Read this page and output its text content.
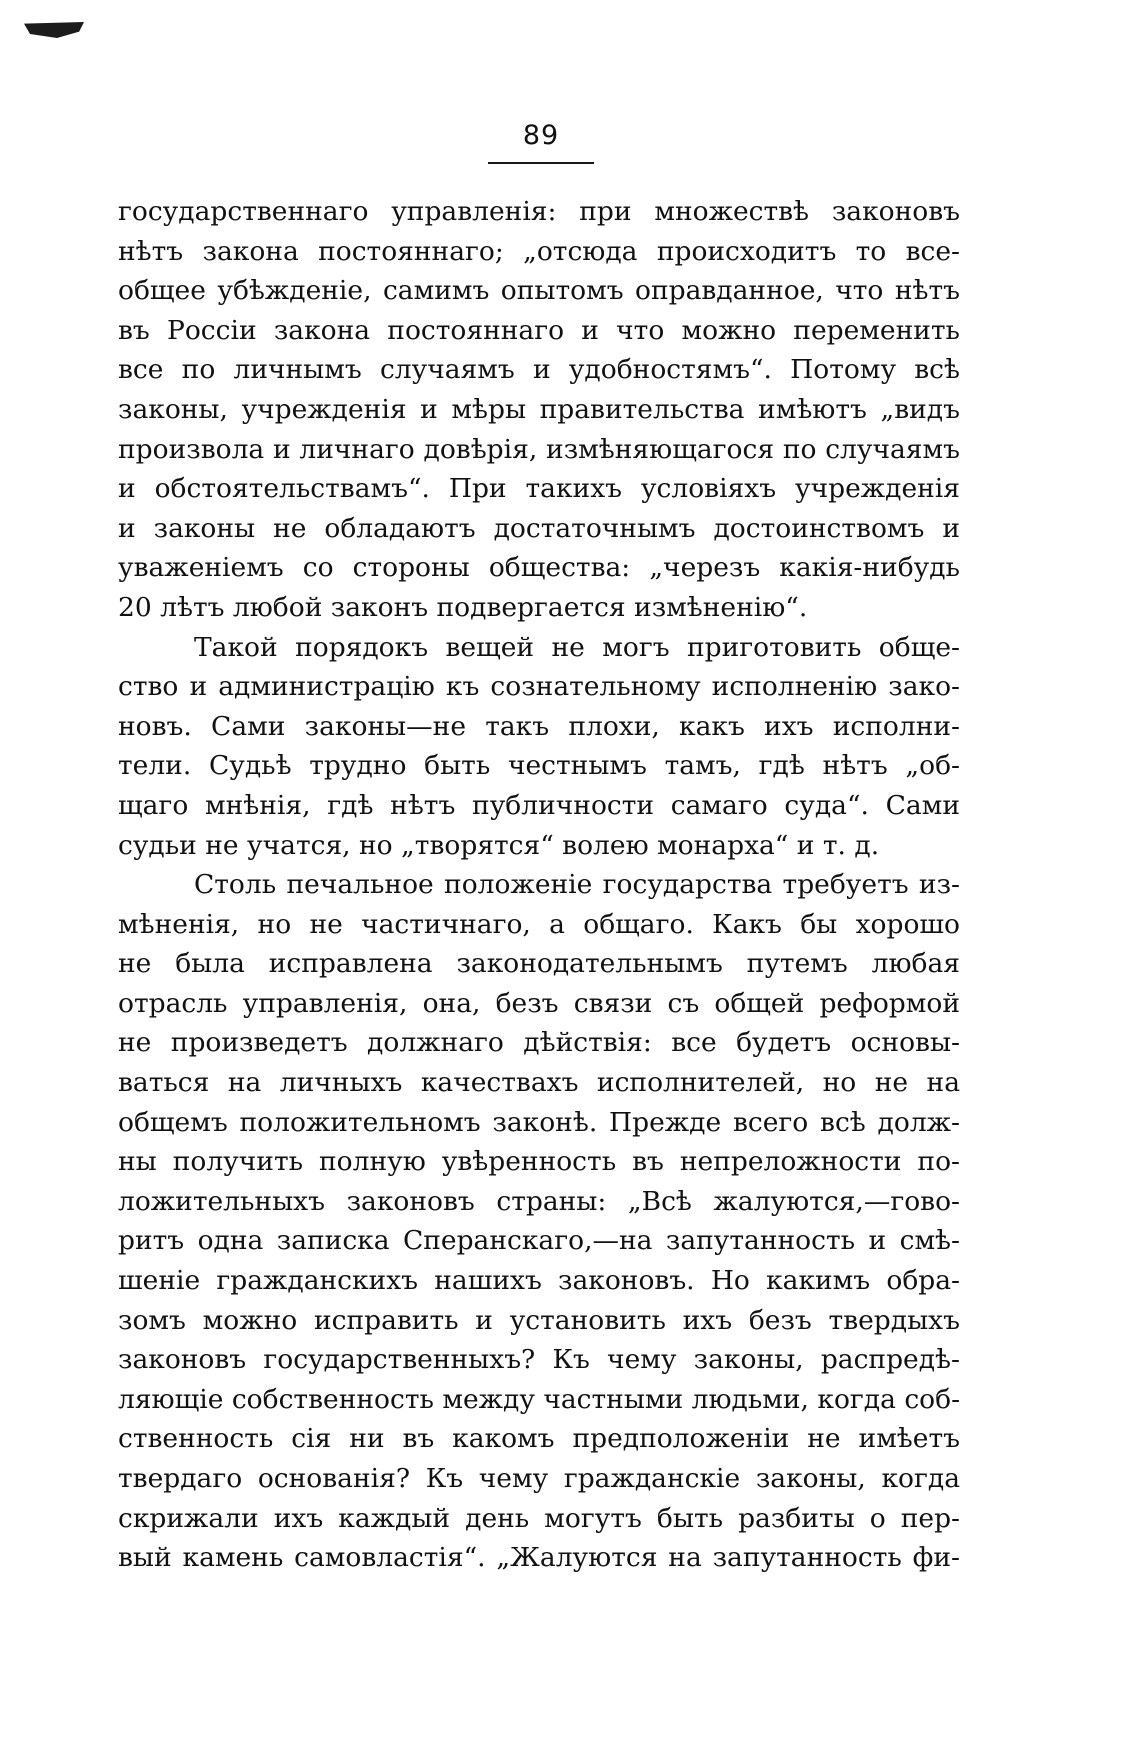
89
государственнаго управленія: при множествѣ законовъ
нѣтъ закона постояннаго; „отсюда происходитъ то все-
общее убѣжденіе, самимъ опытомъ оправданное, что нѣтъ
въ Россіи закона постояннаго и что можно переменить
все по личнымъ случаямъ и удобностямъ“. Потому всѣ
законы, учрежденія и мѣры правительства имѣютъ „видъ
произвола и личнаго довѣрія, измѣняющагося по случаямъ
и обстоятельствамъ“. При такихъ условіяхъ учрежденія
и законы не обладаютъ достаточнымъ достоинствомъ и
уваженіемъ со стороны общества: „черезъ какія-нибудь
20 лѣтъ любой законъ подвергается измѣненію“.
Такой порядокъ вещей не могъ приготовить обще-
ство и администрацію къ сознательному исполненію зако-
новъ. Сами законы—не такъ плохи, какъ ихъ исполни-
тели. Судьѣ трудно быть честнымъ тамъ, гдѣ нѣтъ „об-
щаго мнѣнія, гдѣ нѣтъ публичности самаго суда“. Сами
судьи не учатся, но „творятся“ волею монарха“ и т. д.
Столь печальное положеніе государства требуетъ из-
мѣненія, но не частичнаго, а общаго. Какъ бы хорошо
не была исправлена законодательнымъ путемъ любая
отрасль управленія, она, безъ связи съ общей реформой
не произведетъ должнаго дѣйствія: все будетъ основы-
ваться на личныхъ качествахъ исполнителей, но не на
общемъ положительномъ законѣ. Прежде всего всѣ долж-
ны получить полную увѣренность въ непреложности по-
ложительныхъ законовъ страны: „Всѣ жалуются,—гово-
ритъ одна записка Сперанскаго,—на запутанность и смѣ-
шеніе гражданскихъ нашихъ законовъ. Но какимъ обра-
зомъ можно исправить и установить ихъ безъ твердыхъ
законовъ государственныхъ? Къ чему законы, распредѣ-
ляющіе собственность между частными людьми, когда соб-
ственность сія ни въ какомъ предположеніи не имѣетъ
твердаго основанія? Къ чему гражданскіе законы, когда
скрижали ихъ каждый день могутъ быть разбиты о пер-
вый камень самовластія“. „Жалуются на запутанность фи-
